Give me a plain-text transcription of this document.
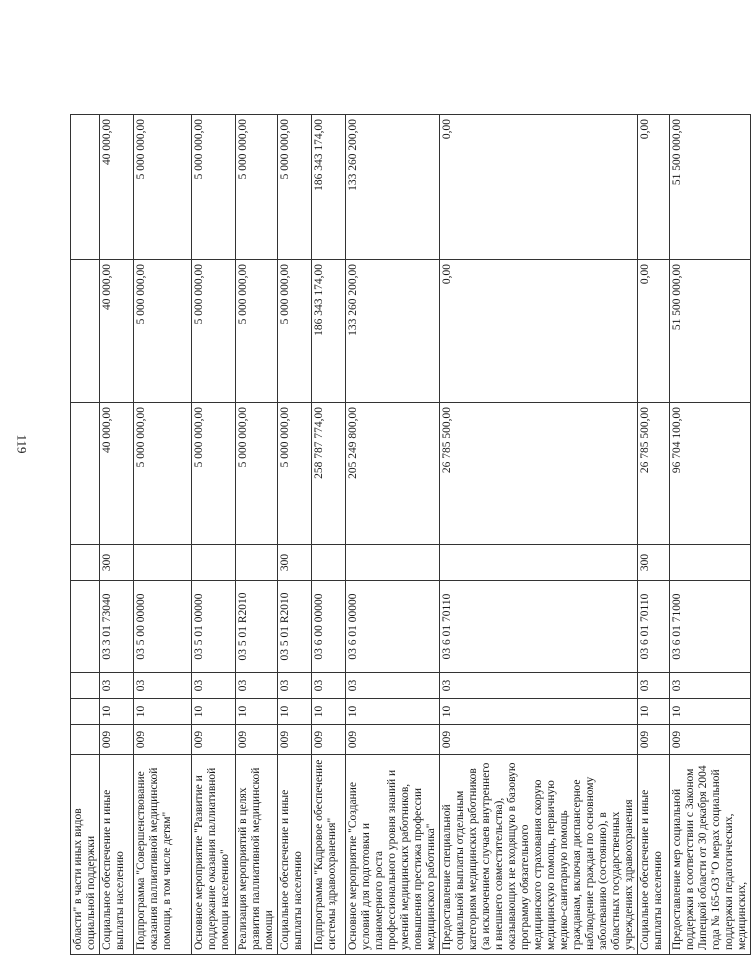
119
области" в части иных видов социальной поддержки								
Социальное обеспечение и иные выплаты населению	009	10	03	03 3 01 73040	300	40 000,00	40 000,00	40 000,00
Подпрограмма "Совершенствование оказания паллиативной медицинской помощи, в том числе детям"	009	10	03	03 5 00 00000		5 000 000,00	5 000 000,00	5 000 000,00
Основное мероприятие "Развитие и поддержание оказания паллиативной помощи населению"	009	10	03	03 5 01 00000		5 000 000,00	5 000 000,00	5 000 000,00
Реализация мероприятий в целях развития паллиативной медицинской помощи	009	10	03	03 5 01 R2010		5 000 000,00	5 000 000,00	5 000 000,00
Социальное обеспечение и иные выплаты населению	009	10	03	03 5 01 R2010	300	5 000 000,00	5 000 000,00	5 000 000,00
Подпрограмма "Кадровое обеспечение системы здравоохранения"	009	10	03	03 6 00 00000		258 787 774,00	186 343 174,00	186 343 174,00
Основное мероприятие "Создание условий для подготовки и планомерного роста профессионального уровня знаний и умений медицинских работников, повышения престижа профессии медицинского работника"	009	10	03	03 6 01 00000		205 249 800,00	133 260 200,00	133 260 200,00
Предоставление специальной социальной выплаты отдельным категориям медицинских работников (за исключением случаев внутреннего и внешнего совместительства), оказывающих не входящую в базовую программу обязательного медицинского страхования скорую медицинскую помощь, первичную медико-санитарную помощь гражданам, включая диспансерное наблюдение граждан по основному заболеванию (состоянию), в областных государственных учреждениях здравоохранения	009	10	03	03 6 01 70110		26 785 500,00	0,00	0,00
Социальное обеспечение и иные выплаты населению	009	10	03	03 6 01 70110	300	26 785 500,00	0,00	0,00
Предоставление мер социальной поддержки в соответствии с Законом Липецкой области от 30 декабря 2004 года № 165-ОЗ "О мерах социальной поддержки педагогических, медицинских,	009	10	03	03 6 01 71000		96 704 100,00	51 500 000,00	51 500 000,00
